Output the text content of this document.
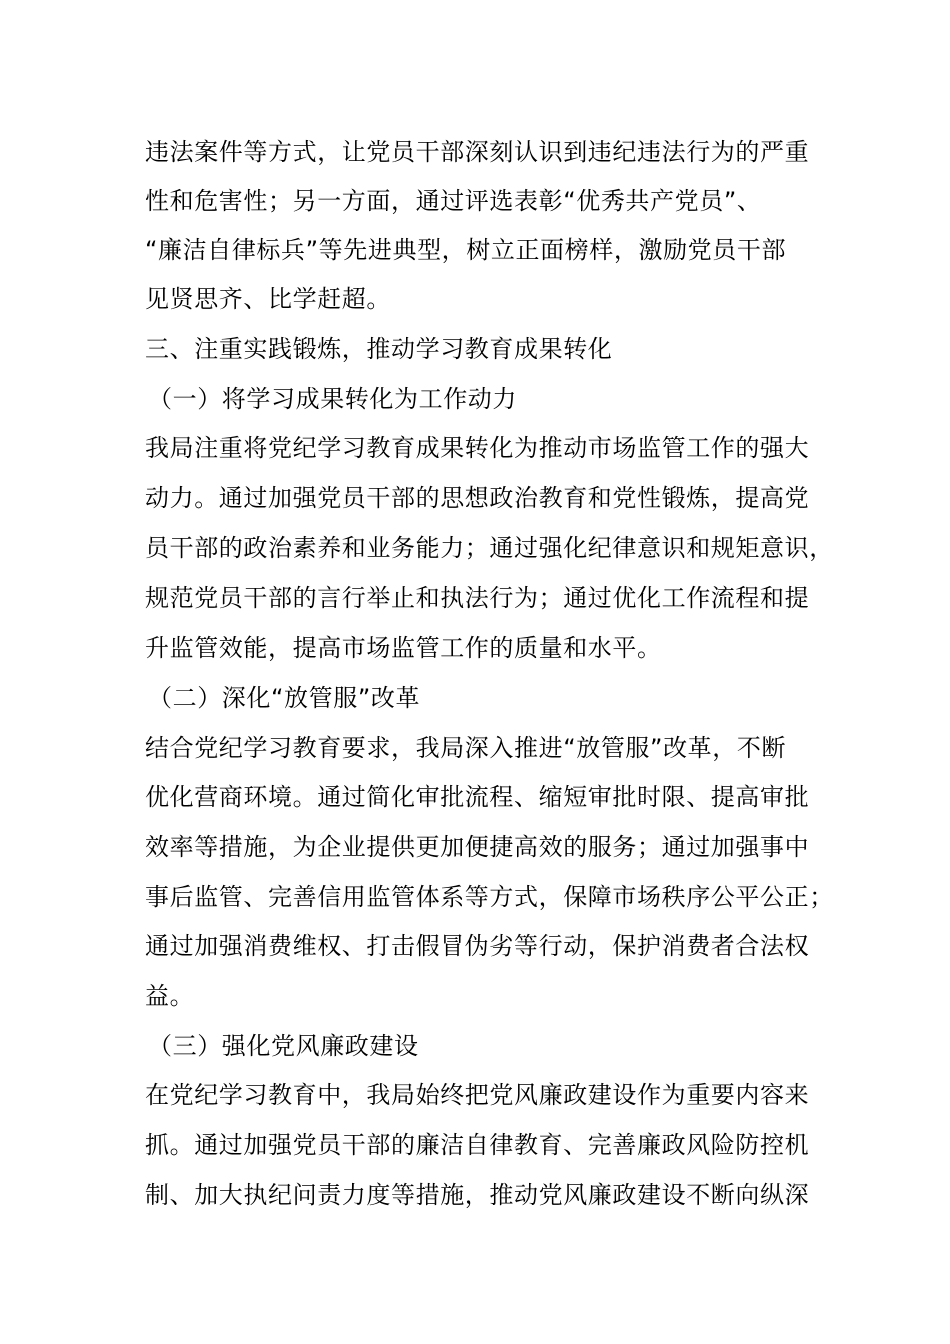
违法案件等方式，让党员干部深刻认识到违纪违法行为的严重
性和危害性；另一方面，通过评选表彰“优秀共产党员”、
“廉洁自律标兵”等先进典型，树立正面榜样，激励党员干部
见贤思齐、比学赶超。
三、注重实践锻炼，推动学习教育成果转化
（一）将学习成果转化为工作动力
我局注重将党纪学习教育成果转化为推动市场监管工作的强大
动力。通过加强党员干部的思想政治教育和党性锻炼，提高党
员干部的政治素养和业务能力；通过强化纪律意识和规矩意识，
规范党员干部的言行举止和执法行为；通过优化工作流程和提
升监管效能，提高市场监管工作的质量和水平。
（二）深化“放管服”改革
结合党纪学习教育要求，我局深入推进“放管服”改革，不断
优化营商环境。通过简化审批流程、缩短审批时限、提高审批
效率等措施，为企业提供更加便捷高效的服务；通过加强事中
事后监管、完善信用监管体系等方式，保障市场秩序公平公正；
通过加强消费维权、打击假冒伪劣等行动，保护消费者合法权
益。
（三）强化党风廉政建设
在党纪学习教育中，我局始终把党风廉政建设作为重要内容来
抓。通过加强党员干部的廉洁自律教育、完善廉政风险防控机
制、加大执纪问责力度等措施，推动党风廉政建设不断向纵深
